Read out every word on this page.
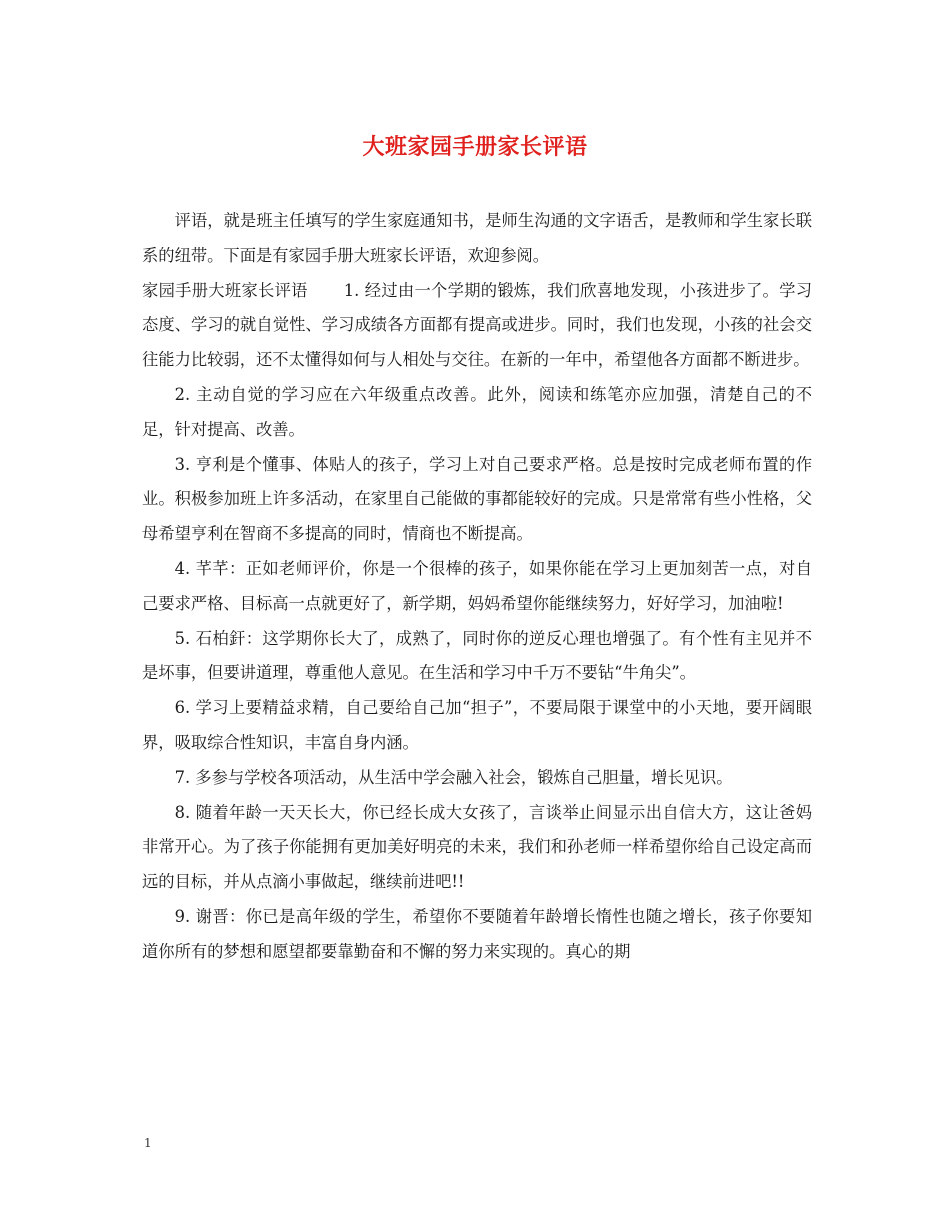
大班家园手册家长评语

评语，就是班主任填写的学生家庭通知书，是师生沟通的文字语舌，是教师和学生家长联系的纽带。下面是有家园手册大班家长评语，欢迎参阅。

家园手册大班家长评语 1. 经过由一个学期的锻炼，我们欣喜地发现，小孩进步了。学习态度、学习的就自觉性、学习成绩各方面都有提高或进步。同时，我们也发现，小孩的社会交往能力比较弱，还不太懂得如何与人相处与交往。在新的一年中，希望他各方面都不断进步。

2. 主动自觉的学习应在六年级重点改善。此外，阅读和练笔亦应加强，清楚自己的不足，针对提高、改善。

3. 亨利是个懂事、体贴人的孩子，学习上对自己要求严格。总是按时完成老师布置的作业。积极参加班上许多活动，在家里自己能做的事都能较好的完成。只是常常有些小性格，父母希望亨利在智商不多提高的同时，情商也不断提高。

4. 芊芊：正如老师评价，你是一个很棒的孩子，如果你能在学习上更加刻苦一点，对自己要求严格、目标高一点就更好了，新学期，妈妈希望你能继续努力，好好学习，加油啦!

5. 石柏釬：这学期你长大了，成熟了，同时你的逆反心理也增强了。有个性有主见并不是坏事，但要讲道理，尊重他人意见。在生活和学习中千万不要钻“牛角尖”。

6. 学习上要精益求精，自己要给自己加“担子”，不要局限于课堂中的小天地，要开阔眼界，吸取综合性知识，丰富自身内涵。

7. 多参与学校各项活动，从生活中学会融入社会，锻炼自己胆量，增长见识。

8. 随着年龄一天天长大，你已经长成大女孩了，言谈举止间显示出自信大方，这让爸妈非常开心。为了孩子你能拥有更加美好明亮的未来，我们和孙老师一样希望你给自己设定高而远的目标，并从点滴小事做起，继续前进吧!!

9. 谢晋：你已是高年级的学生，希望你不要随着年龄增长惰性也随之增长，孩子你要知道你所有的梦想和愿望都要靠勤奋和不懈的努力来实现的。真心的期

1
